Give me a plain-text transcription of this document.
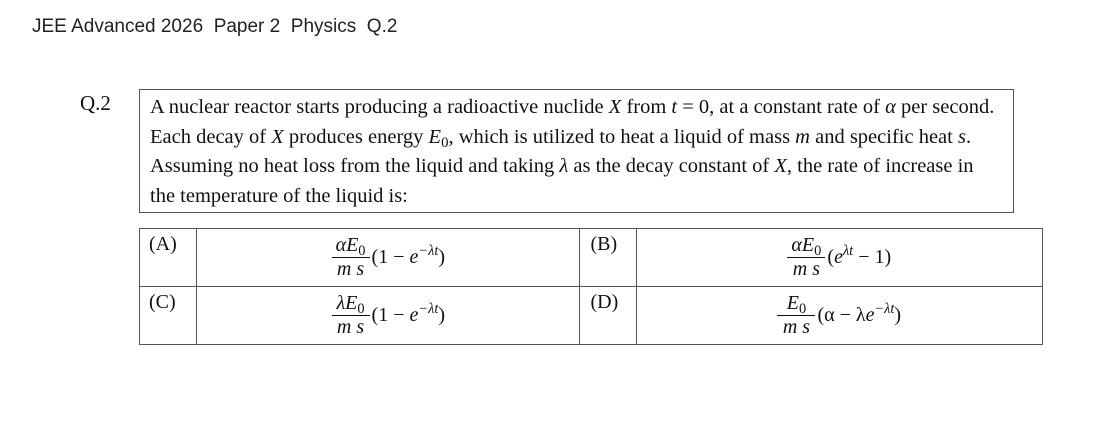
JEE Advanced 2026  Paper 2  Physics  Q.2
Q.2	A nuclear reactor starts producing a radioactive nuclide X from t = 0, at a constant rate of α per second. Each decay of X produces energy $E_0$, which is utilized to heat a liquid of mass m and specific heat s. Assuming no heat loss from the liquid and taking λ as the decay constant of X, the rate of increase in the temperature of the liquid is:
(A)	$\frac{\alpha E_0}{\text{m s}} (1 - e^{-\lambda t})$	(B)	$\frac{\alpha E_0}{\text{m s}} (e^{\lambda t} - 1)$

(C)	$\frac{\lambda E_0}{\text{m s}} (1 - e^{-\lambda t})$	(D)	$\frac{E_0}{\text{m s}} (\alpha - \lambda e^{-\lambda t})$
